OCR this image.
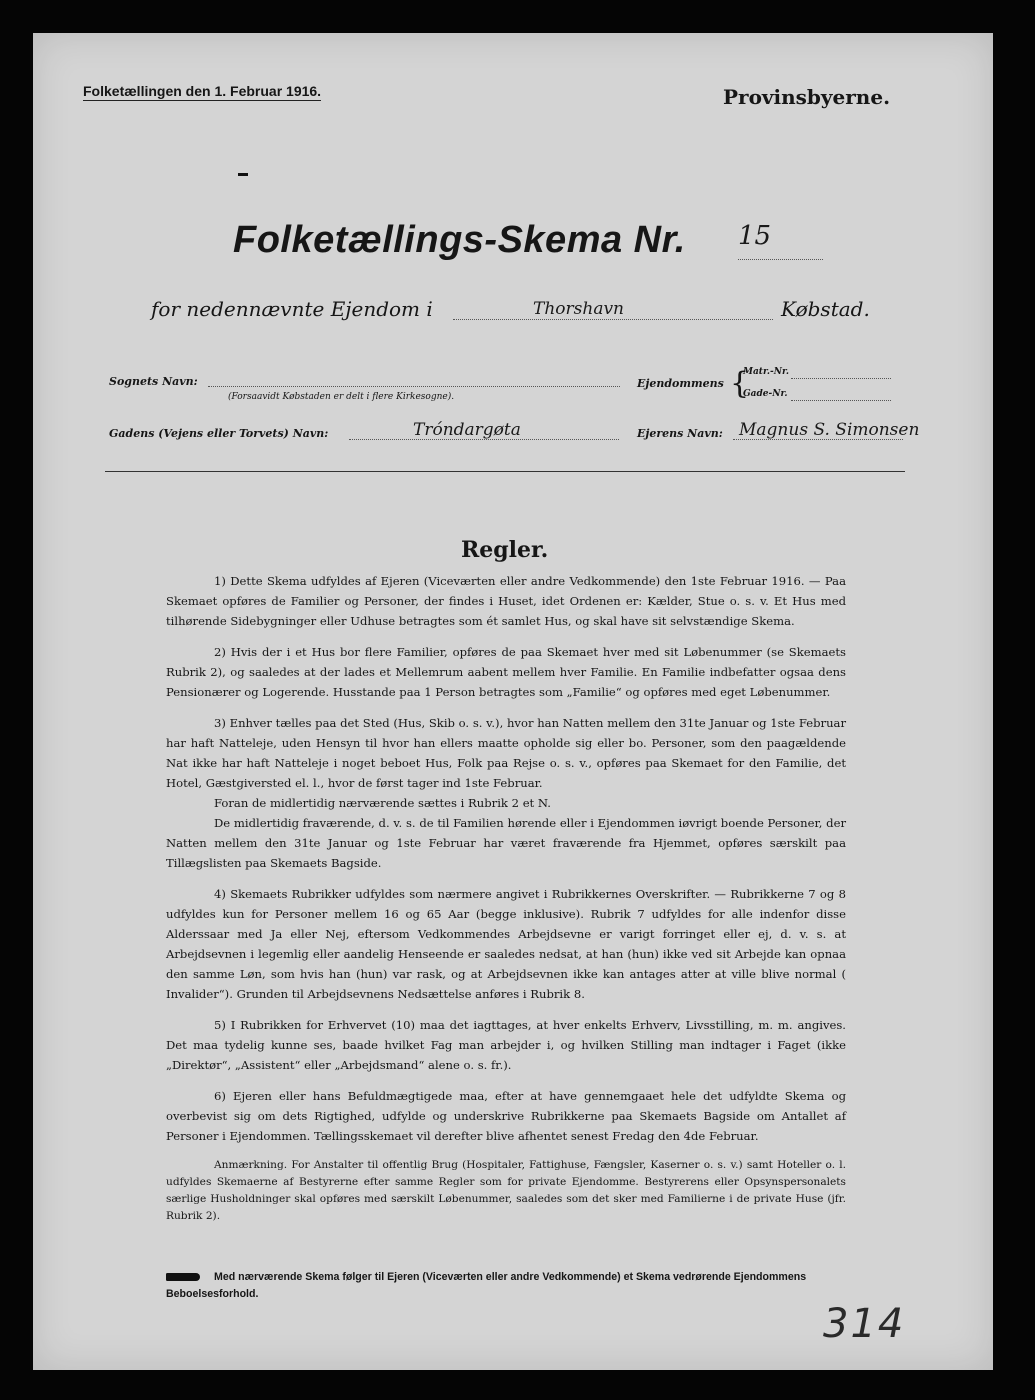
Folketællingen den 1. Februar 1916.	Provinsbyerne.
Folketællings-Skema Nr. 15
for nedennævnte Ejendom i	Thorshavn	Købstad.
Sognets Navn:
(Forsaavidt Købstaden er delt i flere Kirkesogne).
Ejendommens {
Matr.-Nr.
Gade-Nr.
Gadens (Vejens eller Torvets) Navn:	Tróndargøta	Ejerens Navn: Magnus S. Simonsen
Regler.

1) Dette Skema udfyldes af Ejeren (Viceværten eller andre Vedkommende) den 1ste Februar 1916. — Paa Skemaet opføres de Familier og Personer, der findes i Huset, idet Ordenen er: Kælder, Stue o. s. v. Et Hus med tilhørende Sidebygninger eller Udhuse betragtes som ét samlet Hus, og skal have sit selvstændige Skema.

2) Hvis der i et Hus bor flere Familier, opføres de paa Skemaet hver med sit Løbenummer (se Skemaets Rubrik 2), og saaledes at der lades et Mellemrum aabent mellem hver Familie. En Familie indbefatter ogsaa dens Pensionærer og Logerende. Husstande paa 1 Person betragtes som „Familie“ og opføres med eget Løbenummer.

3) Enhver tælles paa det Sted (Hus, Skib o. s. v.), hvor han Natten mellem den 31te Januar og 1ste Februar har haft Natteleje, uden Hensyn til hvor han ellers maatte opholde sig eller bo. Personer, som den paagældende Nat ikke har haft Natteleje i noget beboet Hus, Folk paa Rejse o. s. v., opføres paa Skemaet for den Familie, det Hotel, Gæstgiversted el. l., hvor de først tager ind 1ste Februar.

Foran de midlertidig nærværende sættes i Rubrik 2 et N.

De midlertidig fraværende, d. v. s. de til Familien hørende eller i Ejendommen iøvrigt boende Personer, der Natten mellem den 31te Januar og 1ste Februar har været fraværende fra Hjemmet, opføres særskilt paa Tillægslisten paa Skemaets Bagside.

4) Skemaets Rubrikker udfyldes som nærmere angivet i Rubrikkernes Overskrifter. — Rubrikkerne 7 og 8 udfyldes kun for Personer mellem 16 og 65 Aar (begge inklusive). Rubrik 7 udfyldes for alle indenfor disse Alderssaar med Ja eller Nej, eftersom Vedkommendes Arbejdsevne er varigt forringet eller ej, d. v. s. at Arbejdsevnen i legemlig eller aandelig Henseende er saaledes nedsat, at han (hun) ikke ved sit Arbejde kan opnaa den samme Løn, som hvis han (hun) var rask, og at Arbejdsevnen ikke kan antages atter at ville blive normal ( Invalider“). Grunden til Arbejdsevnens Nedsættelse anføres i Rubrik 8.

5) I Rubrikken for Erhvervet (10) maa det iagttages, at hver enkelts Erhverv, Livsstilling, m. m. angives. Det maa tydelig kunne ses, baade hvilket Fag man arbejder i, og hvilken Stilling man indtager i Faget (ikke „Direktør“, „Assistent“ eller „Arbejdsmand“ alene o. s. fr.).

6) Ejeren eller hans Befuldmægtigede maa, efter at have gennemgaaet hele det udfyldte Skema og overbevist sig om dets Rigtighed, udfylde og underskrive Rubrikkerne paa Skemaets Bagside om Antallet af Personer i Ejendommen. Tællingsskemaet vil derefter blive afhentet senest Fredag den 4de Februar.

Anmærkning. For Anstalter til offentlig Brug (Hospitaler, Fattighuse, Fængsler, Kaserner o. s. v.) samt Hoteller o. l. udfyldes Skemaerne af Bestyrerne efter samme Regler som for private Ejendomme. Bestyrerens eller Opsynspersonalets særlige Husholdninger skal opføres med særskilt Løbenummer, saaledes som det sker med Familierne i de private Huse (jfr. Rubrik 2).

Med nærværende Skema følger til Ejeren (Viceværten eller andre Vedkommende) et Skema vedrørende Ejendommens Beboelsesforhold.
314
